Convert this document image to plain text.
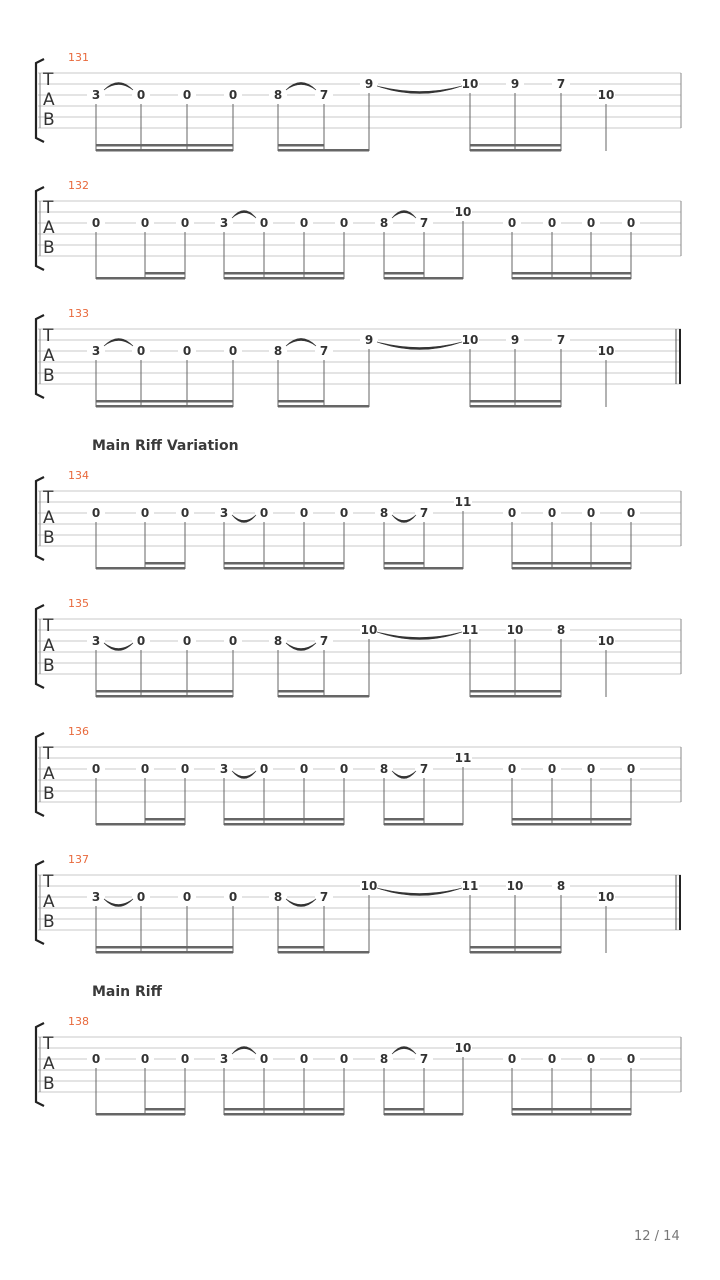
131
T
A
B
3	0	0	0	8	7
9	10	9	7
10
132
T
A
B
0	0	0	3	0	0	0	8	7
10
0	0	0	0
133
T
A
B
3	0	0	0	8	7
9	10	9	7
10
134
T
A
B
0	0	0	3	0	0	0	8	7
11
0	0	0	0
135
T
A
B
3	0	0	0	8	7
10	11 10	8
10
136
T
A
B
0	0	0	3	0	0	0	8	7
11
0	0	0	0
137
T
A
B
3	0	0	0	8	7
10	11 10	8
10
138
T
A
B
0	0	0	3	0	0	0	8	7
10
0	0	0	0
Main Riff Variation
Main Riff
12 / 14
